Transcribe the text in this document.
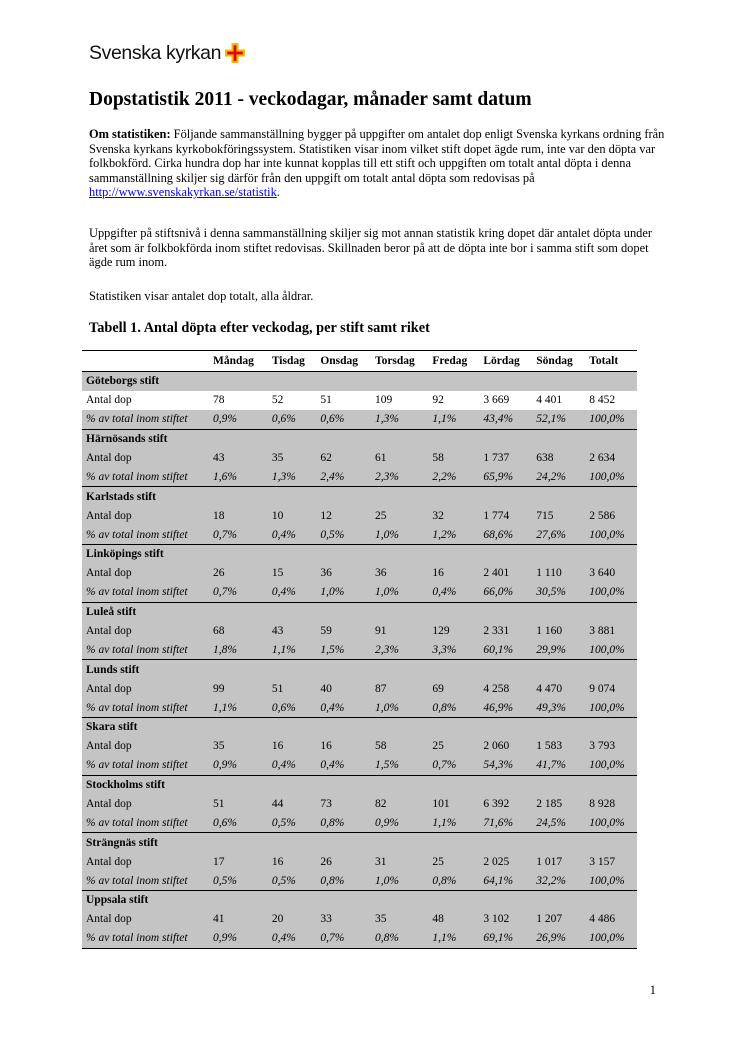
Svenska kyrkan
Dopstatistik 2011 - veckodagar, månader samt datum

Om statistiken: Följande sammanställning bygger på uppgifter om antalet dop enligt Svenska kyrkans ordning från Svenska kyrkans kyrkobokföringssystem. Statistiken visar inom vilket stift dopet ägde rum, inte var den döpta var folkbokförd. Cirka hundra dop har inte kunnat kopplas till ett stift och uppgiften om totalt antal döpta i denna sammanställning skiljer sig därför från den uppgift om totalt antal döpta som redovisas på http://www.svenskakyrkan.se/statistik.

Uppgifter på stiftsnivå i denna sammanställning skiljer sig mot annan statistik kring dopet där antalet döpta under året som är folkbokförda inom stiftet redovisas. Skillnaden beror på att de döpta inte bor i samma stift som dopet ägde rum inom.

Statistiken visar antalet dop totalt, alla åldrar.

Tabell 1. Antal döpta efter veckodag, per stift samt riket
	Måndag	Tisdag	Onsdag	Torsdag	Fredag	Lördag	Söndag	Totalt
Göteborgs stift								
Antal dop	78	52	51	109	92	3 669	4 401	8 452
% av total inom stiftet	0,9%	0,6%	0,6%	1,3%	1,1%	43,4%	52,1%	100,0%
Härnösands stift								
Antal dop	43	35	62	61	58	1 737	638	2 634
% av total inom stiftet	1,6%	1,3%	2,4%	2,3%	2,2%	65,9%	24,2%	100,0%
Karlstads stift								
Antal dop	18	10	12	25	32	1 774	715	2 586
% av total inom stiftet	0,7%	0,4%	0,5%	1,0%	1,2%	68,6%	27,6%	100,0%
Linköpings stift								
Antal dop	26	15	36	36	16	2 401	1 110	3 640
% av total inom stiftet	0,7%	0,4%	1,0%	1,0%	0,4%	66,0%	30,5%	100,0%
Luleå stift								
Antal dop	68	43	59	91	129	2 331	1 160	3 881
% av total inom stiftet	1,8%	1,1%	1,5%	2,3%	3,3%	60,1%	29,9%	100,0%
Lunds stift								
Antal dop	99	51	40	87	69	4 258	4 470	9 074
% av total inom stiftet	1,1%	0,6%	0,4%	1,0%	0,8%	46,9%	49,3%	100,0%
Skara stift								
Antal dop	35	16	16	58	25	2 060	1 583	3 793
% av total inom stiftet	0,9%	0,4%	0,4%	1,5%	0,7%	54,3%	41,7%	100,0%
Stockholms stift								
Antal dop	51	44	73	82	101	6 392	2 185	8 928
% av total inom stiftet	0,6%	0,5%	0,8%	0,9%	1,1%	71,6%	24,5%	100,0%
Strängnäs stift								
Antal dop	17	16	26	31	25	2 025	1 017	3 157
% av total inom stiftet	0,5%	0,5%	0,8%	1,0%	0,8%	64,1%	32,2%	100,0%
Uppsala stift								
Antal dop	41	20	33	35	48	3 102	1 207	4 486
% av total inom stiftet	0,9%	0,4%	0,7%	0,8%	1,1%	69,1%	26,9%	100,0%
1
